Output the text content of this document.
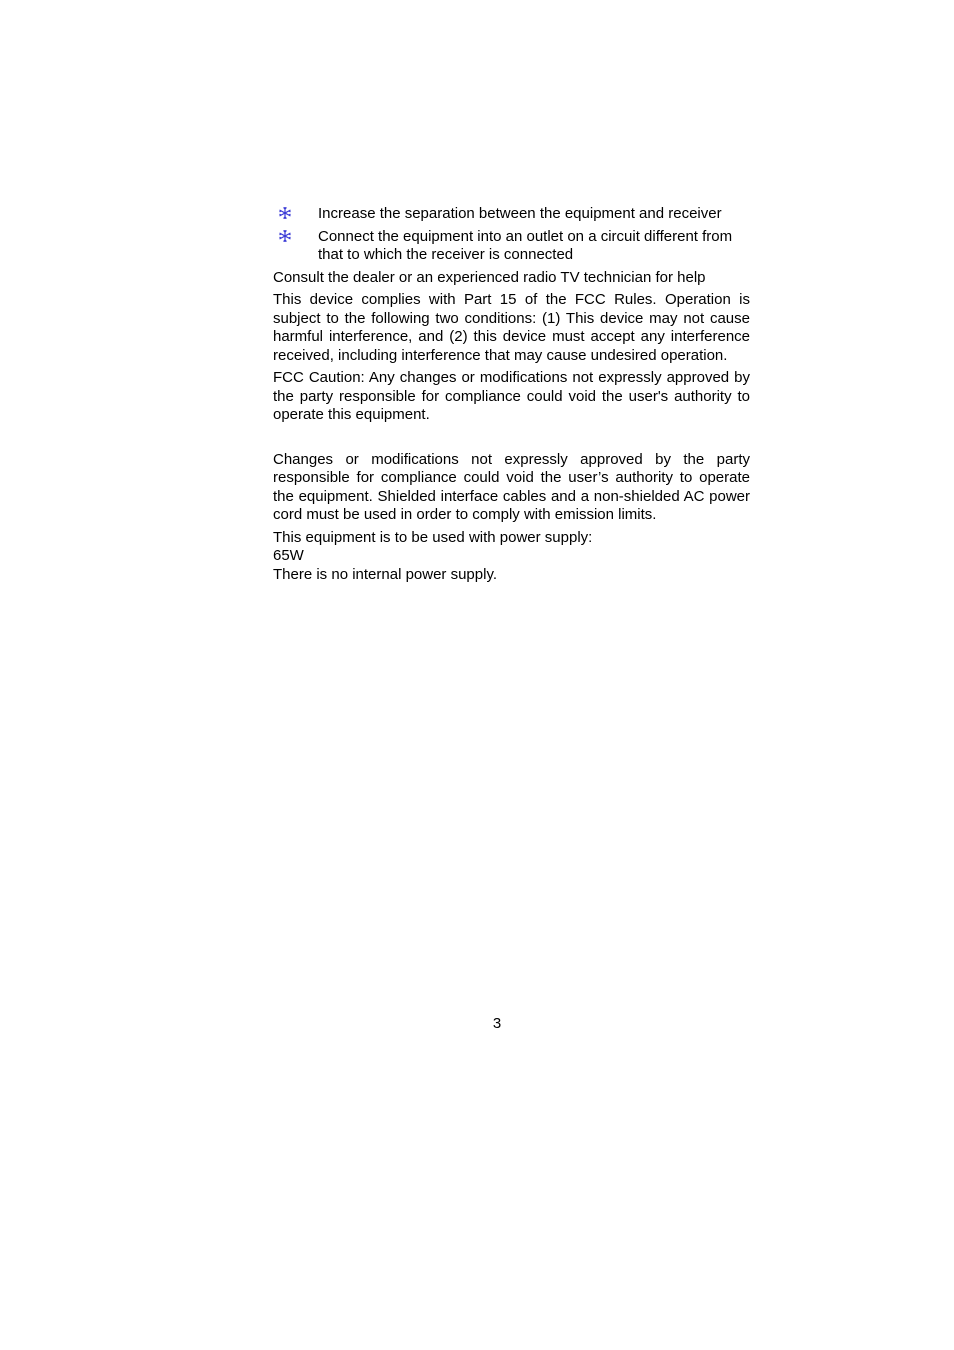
Increase the separation between the equipment and receiver
Connect the equipment into an outlet on a circuit different from that to which the receiver is connected

Consult the dealer or an experienced radio TV technician for help

This device complies with Part 15 of the FCC Rules. Operation is subject to the following two conditions: (1) This device may not cause harmful interference, and (2) this device must accept any interference received, including interference that may cause undesired operation.

FCC Caution: Any changes or modifications not expressly approved by the party responsible for compliance could void the user's authority to operate this equipment.

Changes or modifications not expressly approved by the party responsible for compliance could void the user’s authority to operate the equipment. Shielded interface cables and a non-shielded AC power cord must be used in order to comply with emission limits.

This equipment is to be used with power supply:

65W

There is no internal power supply.

3
